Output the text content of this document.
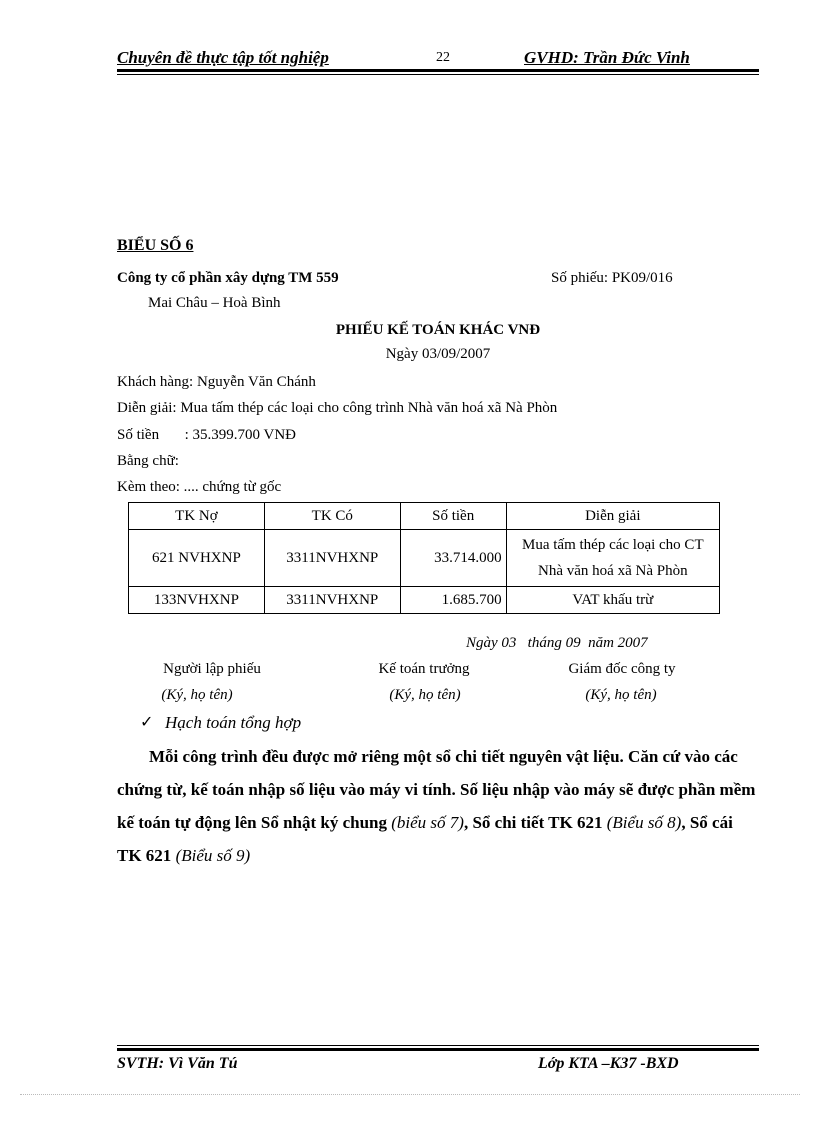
Chuyên đề thực tập tốt nghiệp	22	GVHD: Trần Đức Vinh
BIỂU SỐ 6
Công ty cổ phần xây dựng TM 559	Số phiếu: PK09/016
Mai Châu – Hoà Bình
PHIẾU KẾ TOÁN KHÁC VNĐ
Ngày 03/09/2007
Khách hàng: Nguyễn Văn Chánh
Diễn giải: Mua tấm thép các loại cho công trình Nhà văn hoá xã Nà Phòn
Số tiền : 35.399.700 VNĐ
Bằng chữ:
Kèm theo: .... chứng từ gốc
TK Nợ	TK Có	Số tiền	Diễn giải
621 NVHXNP	3311NVHXNP	33.714.000	Mua tấm thép các loại cho CT Nhà văn hoá xã Nà Phòn
133NVHXNP	3311NVHXNP	1.685.700	VAT khấu trừ
Ngày 03   tháng 09  năm 2007
Người lập phiếu
(Ký, họ tên)
Kế toán trưởng
(Ký, họ tên)
Giám đốc công ty
(Ký, họ tên)
✓ Hạch toán tổng hợp
Mỗi công trình đều được mở riêng một sổ chi tiết nguyên vật liệu. Căn cứ vào các chứng từ, kế toán nhập số liệu vào máy vi tính. Số liệu nhập vào máy sẽ được phần mềm kế toán tự động lên Sổ nhật ký chung (biểu số 7), Sổ chi tiết TK 621 (Biểu số 8), Sổ cái TK 621 (Biểu số 9)
SVTH: Vì Văn Tú	Lớp KTA –K37 -BXD
